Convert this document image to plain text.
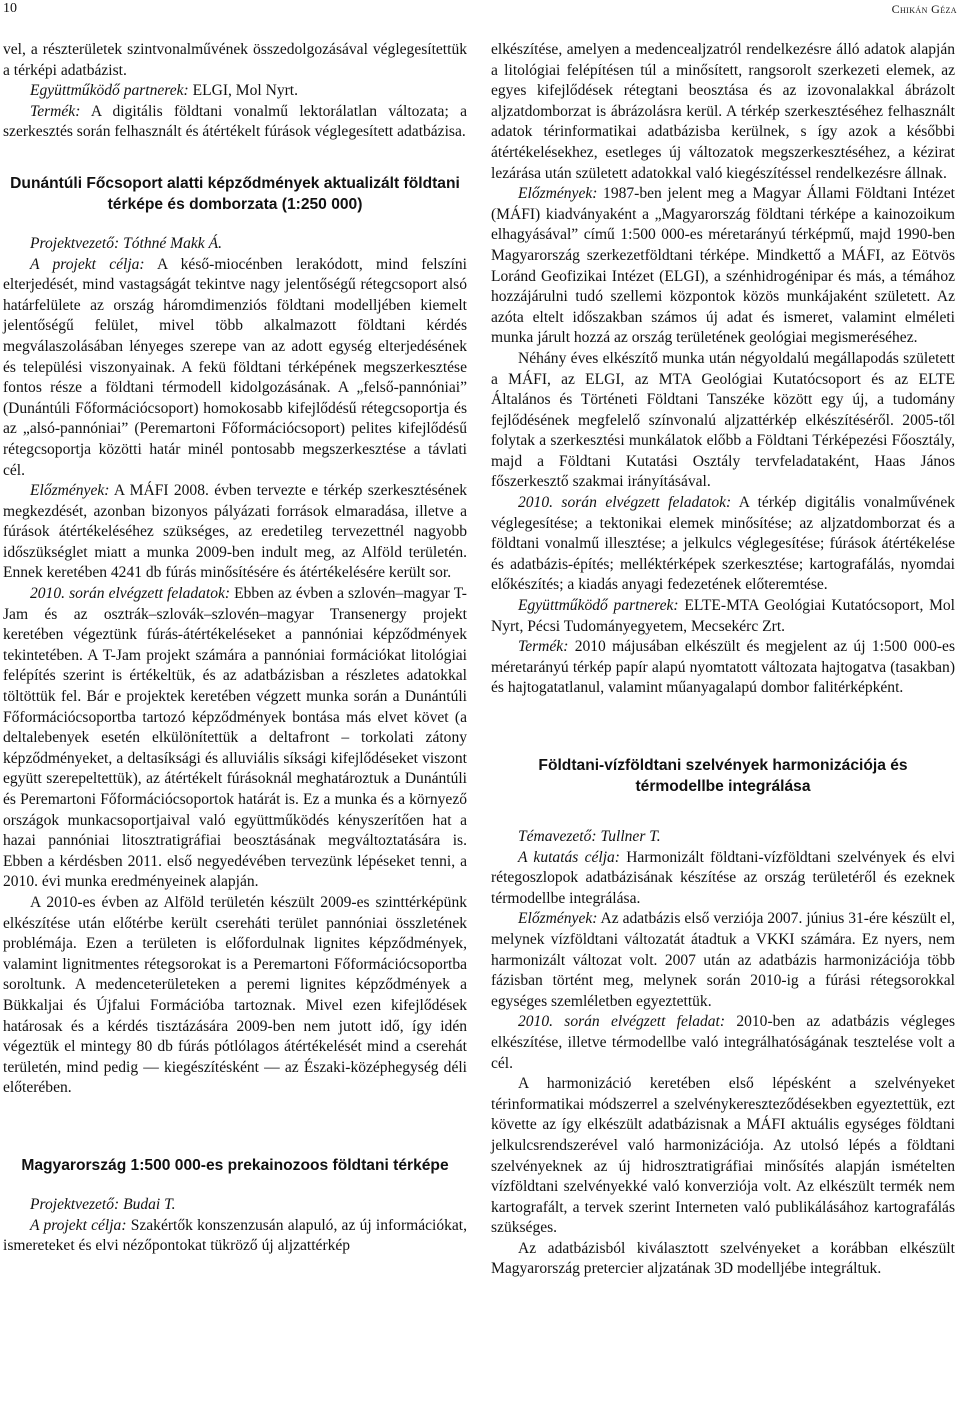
10	Chikán Géza

vel, a részterületek szintvonalművének összedolgozásával véglegesítettük a térképi adatbázist.

Együttműködő partnerek: ELGI, Mol Nyrt.

Termék: A digitális földtani vonalmű lektorálatlan változata; a szerkesztés során felhasznált és átértékelt fúrások véglegesített adatbázisa.

Dunántúli Főcsoport alatti képződmények aktualizált földtani térképe és domborzata (1:250 000)

Projektvezető: Tóthné Makk Á.

A projekt célja: A késő-miocénben lerakódott, mind felszíni elterjedését, mind vastagságát tekintve nagy jelentőségű rétegcsoport alsó határfelülete az ország háromdimenziós földtani modelljében kiemelt jelentőségű felület, mivel több alkalmazott földtani kérdés megválaszolásában lényeges szerepe van az adott egység elterjedésének és települési viszonyainak. A fekü földtani térképének megszerkesztése fontos része a földtani térmodell kidolgozásának. A „felső-pannóniai” (Dunántúli Főformációcsoport) homokosabb kifejlődésű rétegcsoportja és az „alsó-pannóniai” (Peremartoni Főformációcsoport) pelites kifejlődésű rétegcsoportja közötti határ minél pontosabb megszerkesztése a távlati cél.

Előzmények: A MÁFI 2008. évben tervezte e térkép szerkesztésének megkezdését, azonban bizonyos pályázati források elmaradása, illetve a fúrások átértékeléséhez szükséges, az eredetileg tervezettnél nagyobb időszükséglet miatt a munka 2009-ben indult meg, az Alföld területén. Ennek keretében 4241 db fúrás minősítésére és átértékelésére került sor.

2010. során elvégzett feladatok: Ebben az évben a szlovén–magyar T-Jam és az osztrák–szlovák–szlovén–magyar Transenergy projekt keretében végeztünk fúrás-átértékeléseket a pannóniai képződmények tekintetében. A T-Jam projekt számára a pannóniai formációkat litológiai felépítés szerint is értékeltük, és az adatbázisban a részletes adatokkal töltöttük fel. Bár e projektek keretében végzett munka során a Dunántúli Főformációcsoportba tartozó képződmények bontása más elvet követ (a deltalebenyek esetén elkülönítettük a deltafront – torkolati zátony képződményeket, a deltasíksági és alluviális síksági kifejlődéseket viszont együtt szerepeltettük), az átértékelt fúrásoknál meghatároztuk a Dunántúli és Peremartoni Főformációcsoportok határát is. Ez a munka és a környező országok munkacsoportjaival való együttműködés kényszerítően hat a hazai pannóniai litosztratigráfiai beosztásának megváltoztatására is. Ebben a kérdésben 2011. első negyedévében tervezünk lépéseket tenni, a 2010. évi munka eredményeinek alapján.

A 2010-es évben az Alföld területén készült 2009-es szinttérképünk elkészítése után előtérbe került csereháti terület pannóniai összletének problémája. Ezen a területen is előfordulnak lignites képződmények, valamint lignitmentes rétegsorokat is a Peremartoni Főformációcsoportba soroltunk. A medenceterületeken a peremi lignites képződmények a Bükkaljai és Újfalui Formációba tartoznak. Mivel ezen kifejlődések határosak és a kérdés tisztázására 2009-ben nem jutott idő, így idén végeztük el mintegy 80 db fúrás pótlólagos átértékelését mind a cserehát területén, mind pedig — kiegészítésként — az Északi-középhegység déli előterében.

Magyarország 1:500 000-es prekainozoos földtani térképe

Projektvezető: Budai T.

A projekt célja: Szakértők konszenzusán alapuló, az új információkat, ismereteket és elvi nézőpontokat tükröző új aljzattérkép

elkészítése, amelyen a medencealjzatról rendelkezésre álló adatok alapján a litológiai felépítésen túl a minősített, rangsorolt szerkezeti elemek, az egyes kifejlődések rétegtani beosztása és az izovonalakkal ábrázolt aljzatdomborzat is ábrázolásra kerül. A térkép szerkesztéséhez felhasznált adatok térinformatikai adatbázisba kerülnek, s így azok a későbbi átértékelésekhez, esetleges új változatok megszerkesztéséhez, a kézirat lezárása után született adatokkal való kiegészítéssel rendelkezésre állnak.

Előzmények: 1987-ben jelent meg a Magyar Állami Földtani Intézet (MÁFI) kiadványaként a „Magyarország földtani térképe a kainozoikum elhagyásával” című 1:500 000-es méretarányú térképmű, majd 1990-ben Magyarország szerkezetföldtani térképe. Mindkettő a MÁFI, az Eötvös Loránd Geofizikai Intézet (ELGI), a szénhidrogénipar és más, a témához hozzájárulni tudó szellemi központok közös munkájaként született. Az azóta eltelt időszakban számos új adat és ismeret, valamint elméleti munka járult hozzá az ország területének geológiai megismeréséhez.

Néhány éves elkészítő munka után négyoldalú megállapodás született a MÁFI, az ELGI, az MTA Geológiai Kutatócsoport és az ELTE Általános és Történeti Földtani Tanszéke között egy új, a tudomány fejlődésének megfelelő színvonalú aljzattérkép elkészítéséről. 2005-től folytak a szerkesztési munkálatok előbb a Földtani Térképezési Főosztály, majd a Földtani Kutatási Osztály tervfeladataként, Haas János főszerkesztő szakmai irányításával.

2010. során elvégzett feladatok: A térkép digitális vonalművének véglegesítése; a tektonikai elemek minősítése; az aljzatdomborzat és a földtani vonalmű illesztése; a jelkulcs véglegesítése; fúrások átértékelése és adatbázis-építés; melléktérképek szerkesztése; kartografálás, nyomdai előkészítés; a kiadás anyagi fedezetének előteremtése.

Együttműködő partnerek: ELTE-MTA Geológiai Kutatócsoport, Mol Nyrt, Pécsi Tudományegyetem, Mecsekérc Zrt.

Termék: 2010 májusában elkészült és megjelent az új 1:500 000-es méretarányú térkép papír alapú nyomtatott változata hajtogatva (tasakban) és hajtogatatlanul, valamint műanyagalapú dombor falitérképként.

Földtani-vízföldtani szelvények harmonizációja és térmodellbe integrálása

Témavezető: Tullner T.

A kutatás célja: Harmonizált földtani-vízföldtani szelvények és elvi rétegoszlopok adatbázisának készítése az ország területéről és ezeknek térmodellbe integrálása.

Előzmények: Az adatbázis első verziója 2007. június 31-ére készült el, melynek vízföldtani változatát átadtuk a VKKI számára. Ez nyers, nem harmonizált változat volt. 2007 után az adatbázis harmonizációja több fázisban történt meg, melynek során 2010-ig a fúrási rétegsorokkal egységes szemléletben egyeztettük.

2010. során elvégzett feladat: 2010-ben az adatbázis végleges elkészítése, illetve térmodellbe való integrálhatóságának tesztelése volt a cél.

A harmonizáció keretében első lépésként a szelvényeket térinformatikai módszerrel a szelvénykereszteződésekben egyeztettük, ezt követte az így elkészült adatbázisnak a MÁFI aktuális egységes földtani jelkulcsrendszerével való harmonizációja. Az utolsó lépés a földtani szelvényeknek az új hidrosztratigráfiai minősítés alapján ismételten vízföldtani szelvényekké való konverziója volt. Az elkészült termék nem kartografált, a tervek szerint Interneten való publikálásához kartografálás szükséges.

Az adatbázisból kiválasztott szelvényeket a korábban elkészült Magyarország pretercier aljzatának 3D modelljébe integráltuk.
